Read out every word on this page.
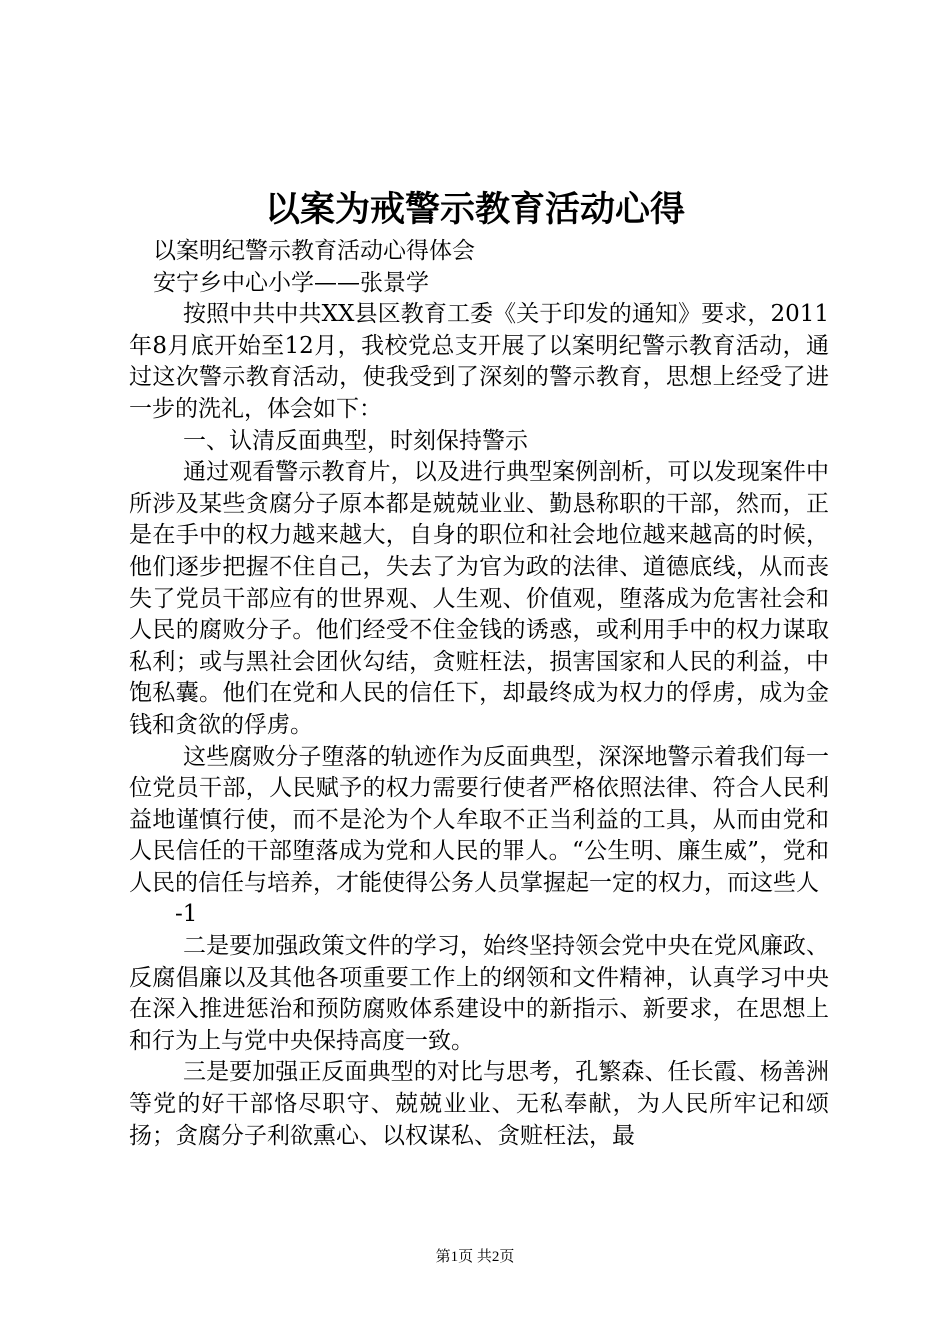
以案为戒警示教育活动心得

以案明纪警示教育活动心得体会

安宁乡中心小学——张景学

按照中共中共XX县区教育工委《关于印发的通知》要求，2011年8月底开始至12月，我校党总支开展了以案明纪警示教育活动，通过这次警示教育活动，使我受到了深刻的警示教育，思想上经受了进一步的洗礼，体会如下：

一、认清反面典型，时刻保持警示

通过观看警示教育片，以及进行典型案例剖析，可以发现案件中所涉及某些贪腐分子原本都是兢兢业业、勤恳称职的干部，然而，正是在手中的权力越来越大，自身的职位和社会地位越来越高的时候，他们逐步把握不住自己，失去了为官为政的法律、道德底线，从而丧失了党员干部应有的世界观、人生观、价值观，堕落成为危害社会和人民的腐败分子。他们经受不住金钱的诱惑，或利用手中的权力谋取私利；或与黑社会团伙勾结，贪赃枉法，损害国家和人民的利益，中饱私囊。他们在党和人民的信任下，却最终成为权力的俘虏，成为金钱和贪欲的俘虏。

这些腐败分子堕落的轨迹作为反面典型，深深地警示着我们每一位党员干部，人民赋予的权力需要行使者严格依照法律、符合人民利益地谨慎行使，而不是沦为个人牟取不正当利益的工具，从而由党和人民信任的干部堕落成为党和人民的罪人。“公生明、廉生威”，党和人民的信任与培养，才能使得公务人员掌握起一定的权力，而这些人

-1

二是要加强政策文件的学习，始终坚持领会党中央在党风廉政、反腐倡廉以及其他各项重要工作上的纲领和文件精神，认真学习中央在深入推进惩治和预防腐败体系建设中的新指示、新要求，在思想上和行为上与党中央保持高度一致。

三是要加强正反面典型的对比与思考，孔繁森、任长霞、杨善洲等党的好干部恪尽职守、兢兢业业、无私奉献，为人民所牢记和颂扬；贪腐分子利欲熏心、以权谋私、贪赃枉法，最

第1页 共2页
